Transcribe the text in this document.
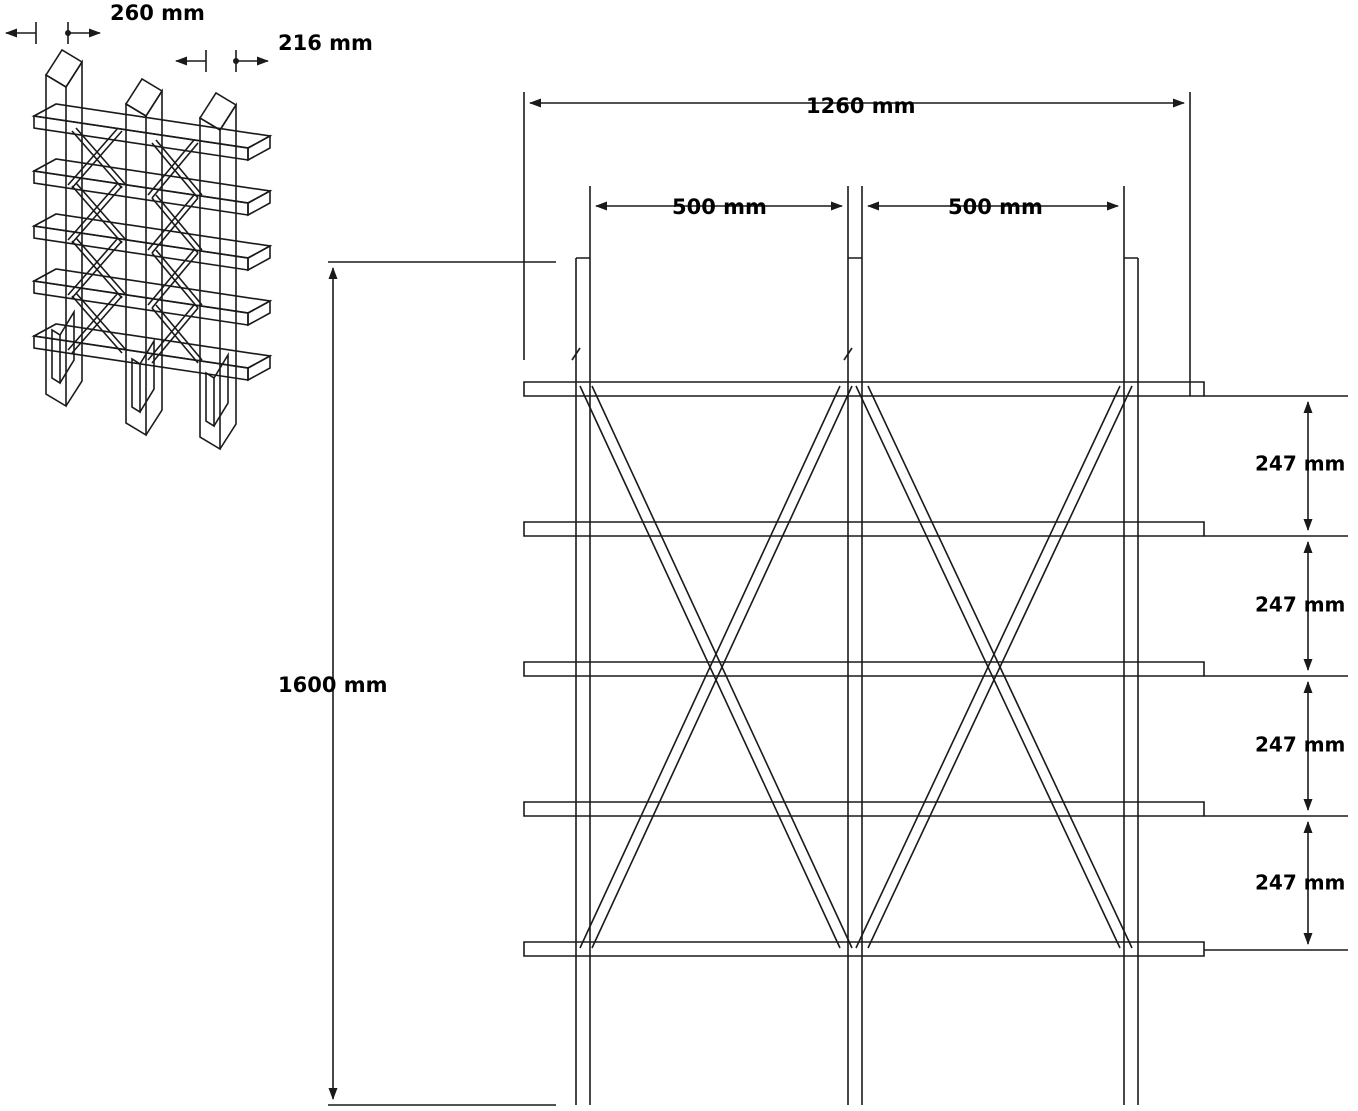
260 mm
216 mm
1260 mm
500 mm	500 mm
1600 mm
247 mm
247 mm
247 mm
247 mm
